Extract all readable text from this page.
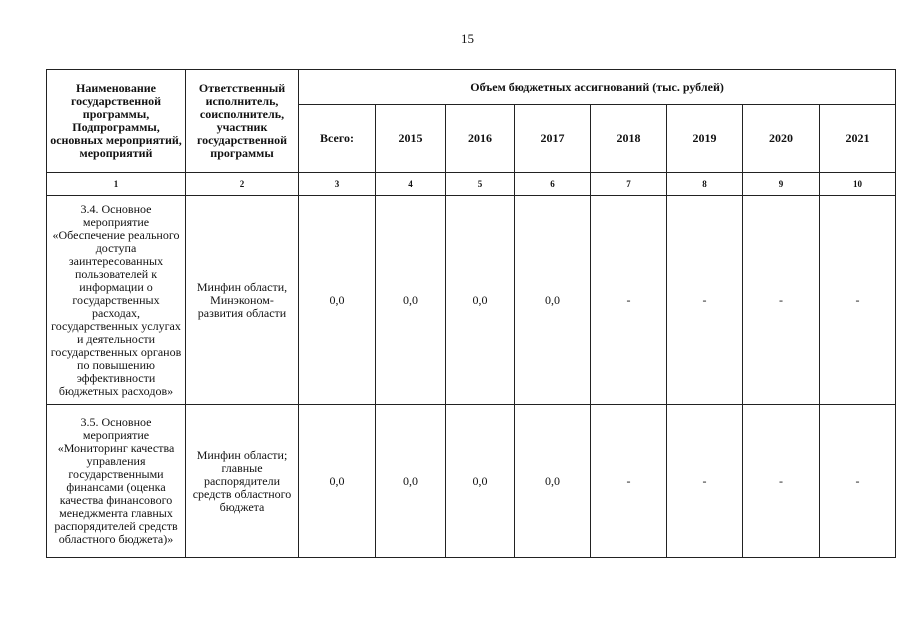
15
Наименование государственной программы, Подпрограммы, основных мероприятий, мероприятий	Ответственный исполнитель, соисполнитель, участник государственной программы	Объем бюджетных ассигнований (тыс. рублей)							
		Всего:	2015	2016	2017	2018	2019	2020	2021
1	2	3	4	5	6	7	8	9	10
3.4. Основное мероприятие «Обеспечение реального доступа заинтересованных пользователей к информации о государственных расходах, государственных услугах и деятельности государственных органов по повышению эффективности бюджетных расходов»	Минфин области, Минэконом-развития области	0,0	0,0	0,0	0,0	-	-	-	-
3.5. Основное мероприятие «Мониторинг качества управления государственными финансами (оценка качества финансового менеджмента главных распорядителей средств областного бюджета)»	Минфин области; главные распорядители средств областного бюджета	0,0	0,0	0,0	0,0	-	-	-	-
